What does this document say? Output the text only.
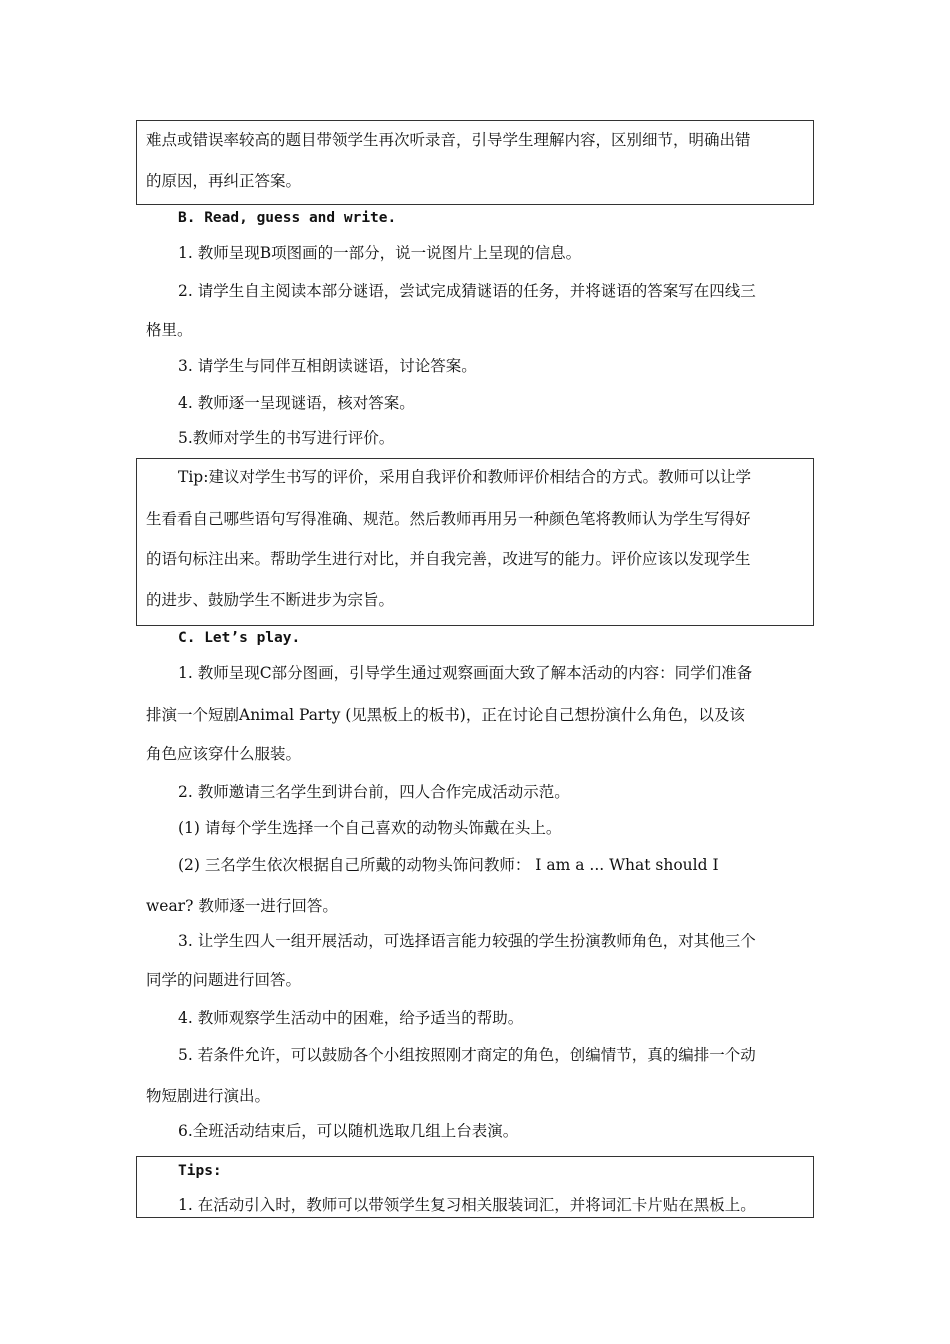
难点或错误率较高的题目带领学生再次听录音，引导学生理解内容，区别细节，明确出错
的原因，再纠正答案。
B. Read, guess and write.
1. 教师呈现B项图画的一部分，说一说图片上呈现的信息。
2. 请学生自主阅读本部分谜语，尝试完成猜谜语的任务，并将谜语的答案写在四线三
格里。
3. 请学生与同伴互相朗读谜语，讨论答案。
4. 教师逐一呈现谜语，核对答案。
5.教师对学生的书写进行评价。
Tip:建议对学生书写的评价，采用自我评价和教师评价相结合的方式。教师可以让学
生看看自己哪些语句写得准确、规范。然后教师再用另一种颜色笔将教师认为学生写得好
的语句标注出来。帮助学生进行对比，并自我完善，改进写的能力。评价应该以发现学生
的进步、鼓励学生不断进步为宗旨。
C. Let’s play.
1. 教师呈现C部分图画，引导学生通过观察画面大致了解本活动的内容：同学们准备
排演一个短剧Animal Party (见黑板上的板书)，正在讨论自己想扮演什么角色，以及该
角色应该穿什么服装。
2. 教师邀请三名学生到讲台前，四人合作完成活动示范。
(1) 请每个学生选择一个自己喜欢的动物头饰戴在头上。
(2) 三名学生依次根据自己所戴的动物头饰问教师： I am a ... What should I
wear? 教师逐一进行回答。
3. 让学生四人一组开展活动，可选择语言能力较强的学生扮演教师角色，对其他三个
同学的问题进行回答。
4. 教师观察学生活动中的困难，给予适当的帮助。
5. 若条件允许，可以鼓励各个小组按照刚才商定的角色，创编情节，真的编排一个动
物短剧进行演出。
6.全班活动结束后，可以随机选取几组上台表演。
Tips:
1. 在活动引入时，教师可以带领学生复习相关服装词汇，并将词汇卡片贴在黑板上。
